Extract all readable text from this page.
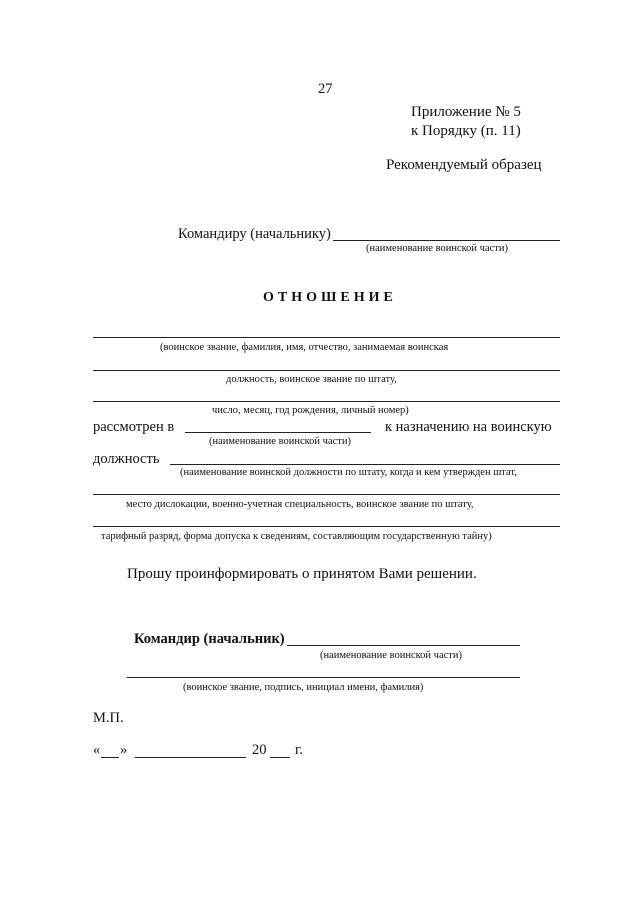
27
Приложение № 5
к Порядку (п. 11)
Рекомендуемый образец
Командиру (начальнику)
(наименование воинской части)
ОТНОШЕНИЕ
(воинское звание, фамилия, имя, отчество, занимаемая воинская
должность, воинское звание по штату,
число, месяц, год рождения, личный номер)
рассмотрен в
(наименование воинской части)
к назначению на воинскую
должность
(наименование воинской должности по штату, когда и кем утвержден штат,
место дислокации, военно-учетная специальность, воинское звание по штату,
тарифный разряд, форма допуска к сведениям, составляющим государственную тайну)
Прошу проинформировать о принятом Вами решении.
Командир (начальник)
(наименование воинской части)
(воинское звание, подпись, инициал имени, фамилия)
М.П.
« »	20 г.
